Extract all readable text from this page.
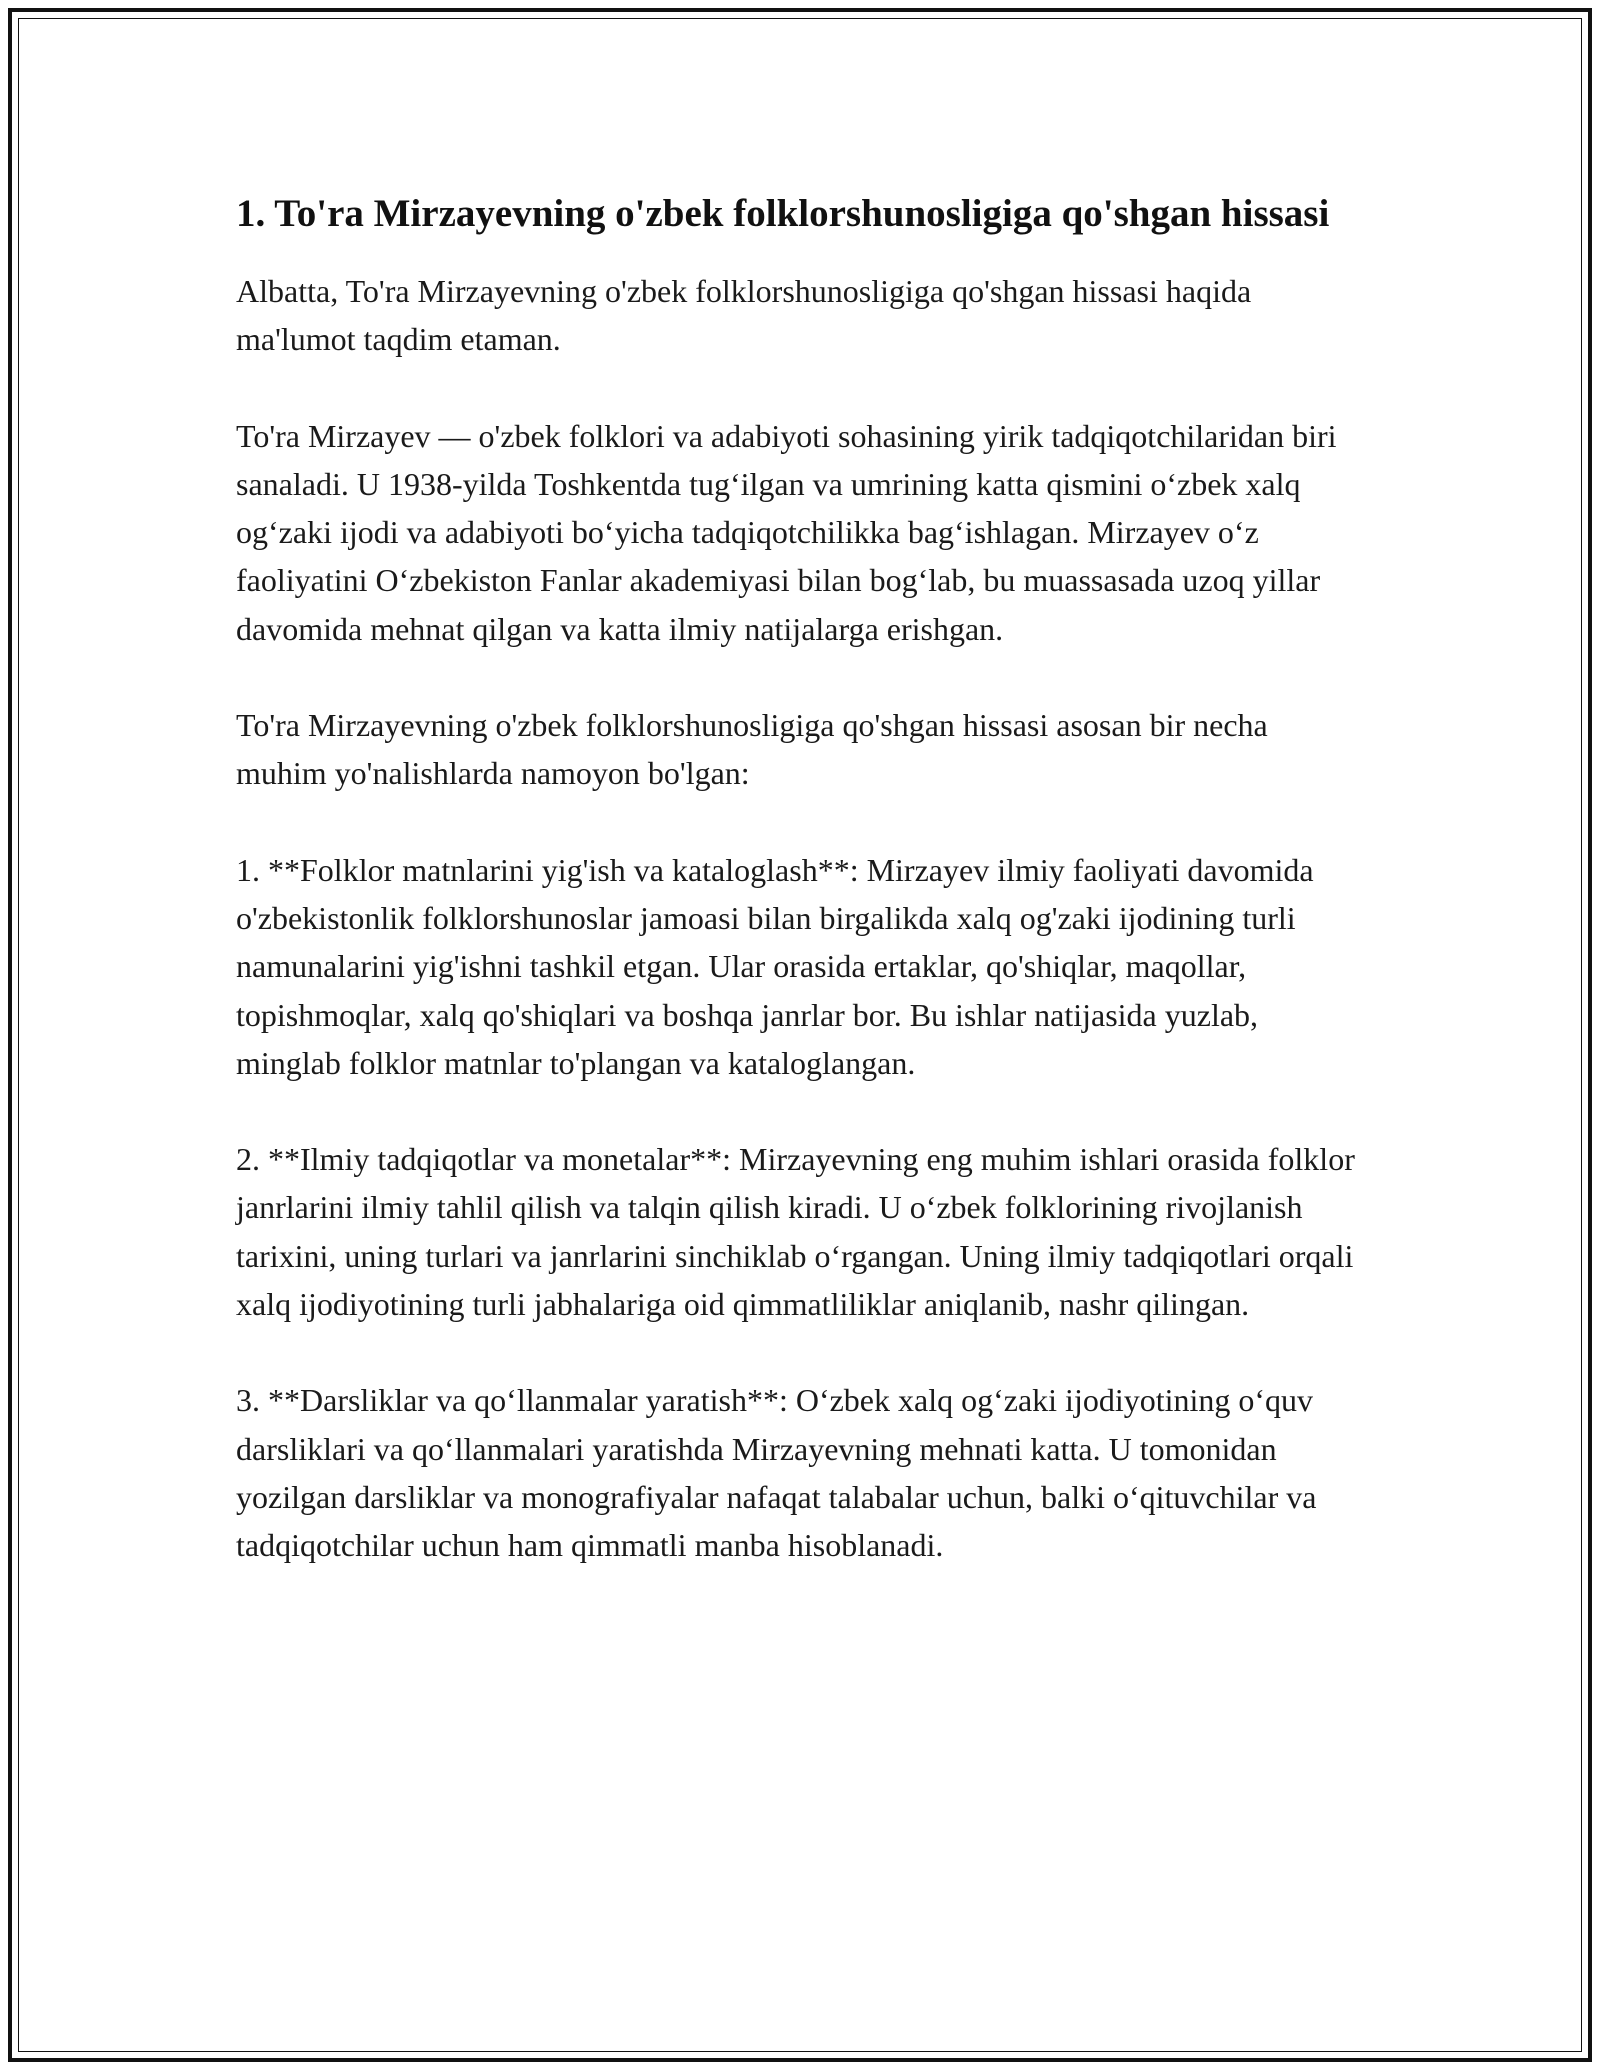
1. To'ra Mirzayevning o'zbek folklorshunosligiga qo'shgan hissasi

Albatta, To'ra Mirzayevning o'zbek folklorshunosligiga qo'shgan hissasi haqida ma'lumot taqdim etaman.

To'ra Mirzayev — o'zbek folklori va adabiyoti sohasining yirik tadqiqotchilaridan biri sanaladi. U 1938-yilda Toshkentda tug‘ilgan va umrining katta qismini o‘zbek xalq og‘zaki ijodi va adabiyoti bo‘yicha tadqiqotchilikka bag‘ishlagan. Mirzayev o‘z faoliyatini O‘zbekiston Fanlar akademiyasi bilan bog‘lab, bu muassasada uzoq yillar davomida mehnat qilgan va katta ilmiy natijalarga erishgan.

To'ra Mirzayevning o'zbek folklorshunosligiga qo'shgan hissasi asosan bir necha muhim yo'nalishlarda namoyon bo'lgan:

1. **Folklor matnlarini yig'ish va kataloglash**: Mirzayev ilmiy faoliyati davomida o'zbekistonlik folklorshunoslar jamoasi bilan birgalikda xalq og'zaki ijodining turli namunalarini yig'ishni tashkil etgan. Ular orasida ertaklar, qo'shiqlar, maqollar, topishmoqlar, xalq qo'shiqlari va boshqa janrlar bor. Bu ishlar natijasida yuzlab, minglab folklor matnlar to'plangan va kataloglangan.

2. **Ilmiy tadqiqotlar va monetalar**: Mirzayevning eng muhim ishlari orasida folklor janrlarini ilmiy tahlil qilish va talqin qilish kiradi. U o‘zbek folklorining rivojlanish tarixini, uning turlari va janrlarini sinchiklab o‘rgangan. Uning ilmiy tadqiqotlari orqali xalq ijodiyotining turli jabhalariga oid qimmatliliklar aniqlanib, nashr qilingan.

3. **Darsliklar va qo‘llanmalar yaratish**: O‘zbek xalq og‘zaki ijodiyotining o‘quv darsliklari va qo‘llanmalari yaratishda Mirzayevning mehnati katta. U tomonidan yozilgan darsliklar va monografiyalar nafaqat talabalar uchun, balki o‘qituvchilar va tadqiqotchilar uchun ham qimmatli manba hisoblanadi.
